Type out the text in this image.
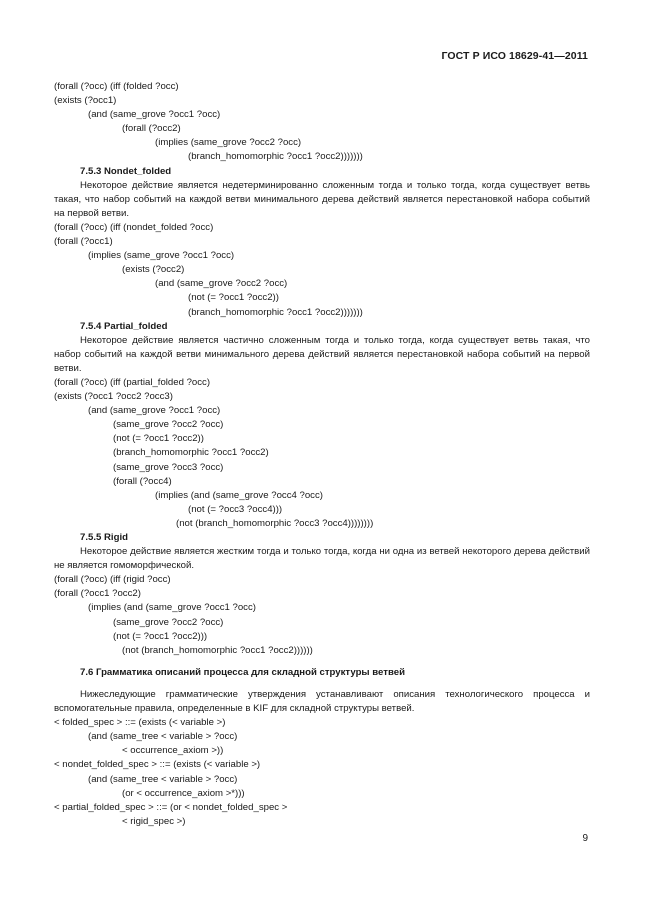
ГОСТ Р ИСО 18629-41—2011
(forall (?occ) (iff (folded ?occ)
(exists (?occ1)
(and (same_grove ?occ1 ?occ)
(forall (?occ2)
(implies (same_grove ?occ2 ?occ)
(branch_homomorphic ?occ1 ?occ2)))))))
7.5.3 Nondet_folded
Некоторое действие является недетерминированно сложенным тогда и только тогда, когда существует ветвь такая, что набор событий на каждой ветви минимального дерева действий является перестановкой набора событий на первой ветви.
(forall (?occ) (iff (nondet_folded ?occ)
(forall (?occ1)
(implies (same_grove ?occ1 ?occ)
(exists (?occ2)
(and (same_grove ?occ2 ?occ)
(not (= ?occ1 ?occ2))
(branch_homomorphic ?occ1 ?occ2)))))))
7.5.4 Partial_folded
Некоторое действие является частично сложенным тогда и только тогда, когда существует ветвь такая, что набор событий на каждой ветви минимального дерева действий является перестановкой набора событий на первой ветви.
(forall (?occ) (iff (partial_folded ?occ)
(exists (?occ1 ?occ2 ?occ3)
(and (same_grove ?occ1 ?occ)
(same_grove ?occ2 ?occ)
(not (= ?occ1 ?occ2))
(branch_homomorphic ?occ1 ?occ2)
(same_grove ?occ3 ?occ)
(forall (?occ4)
(implies (and (same_grove ?occ4 ?occ)
(not (= ?occ3 ?occ4)))
(not (branch_homomorphic ?occ3 ?occ4))))))))
7.5.5 Rigid
Некоторое действие является жестким тогда и только тогда, когда ни одна из ветвей некоторого дерева действий не является гомоморфической.
(forall (?occ) (iff (rigid ?occ)
(forall (?occ1 ?occ2)
(implies (and (same_grove ?occ1 ?occ)
(same_grove ?occ2 ?occ)
(not (= ?occ1 ?occ2)))
(not (branch_homomorphic ?occ1 ?occ2))))))
7.6 Грамматика описаний процесса для складной структуры ветвей
Нижеследующие грамматические утверждения устанавливают описания технологического процесса и вспомогательные правила, определенные в KIF для складной структуры ветвей.
< folded_spec > ::= (exists (< variable >)
(and (same_tree < variable > ?occ)
< occurrence_axiom >))
< nondet_folded_spec > ::= (exists (< variable >)
(and (same_tree < variable > ?occ)
(or < occurrence_axiom >*)))
< partial_folded_spec > ::= (or < nondet_folded_spec >
< rigid_spec >)
9
